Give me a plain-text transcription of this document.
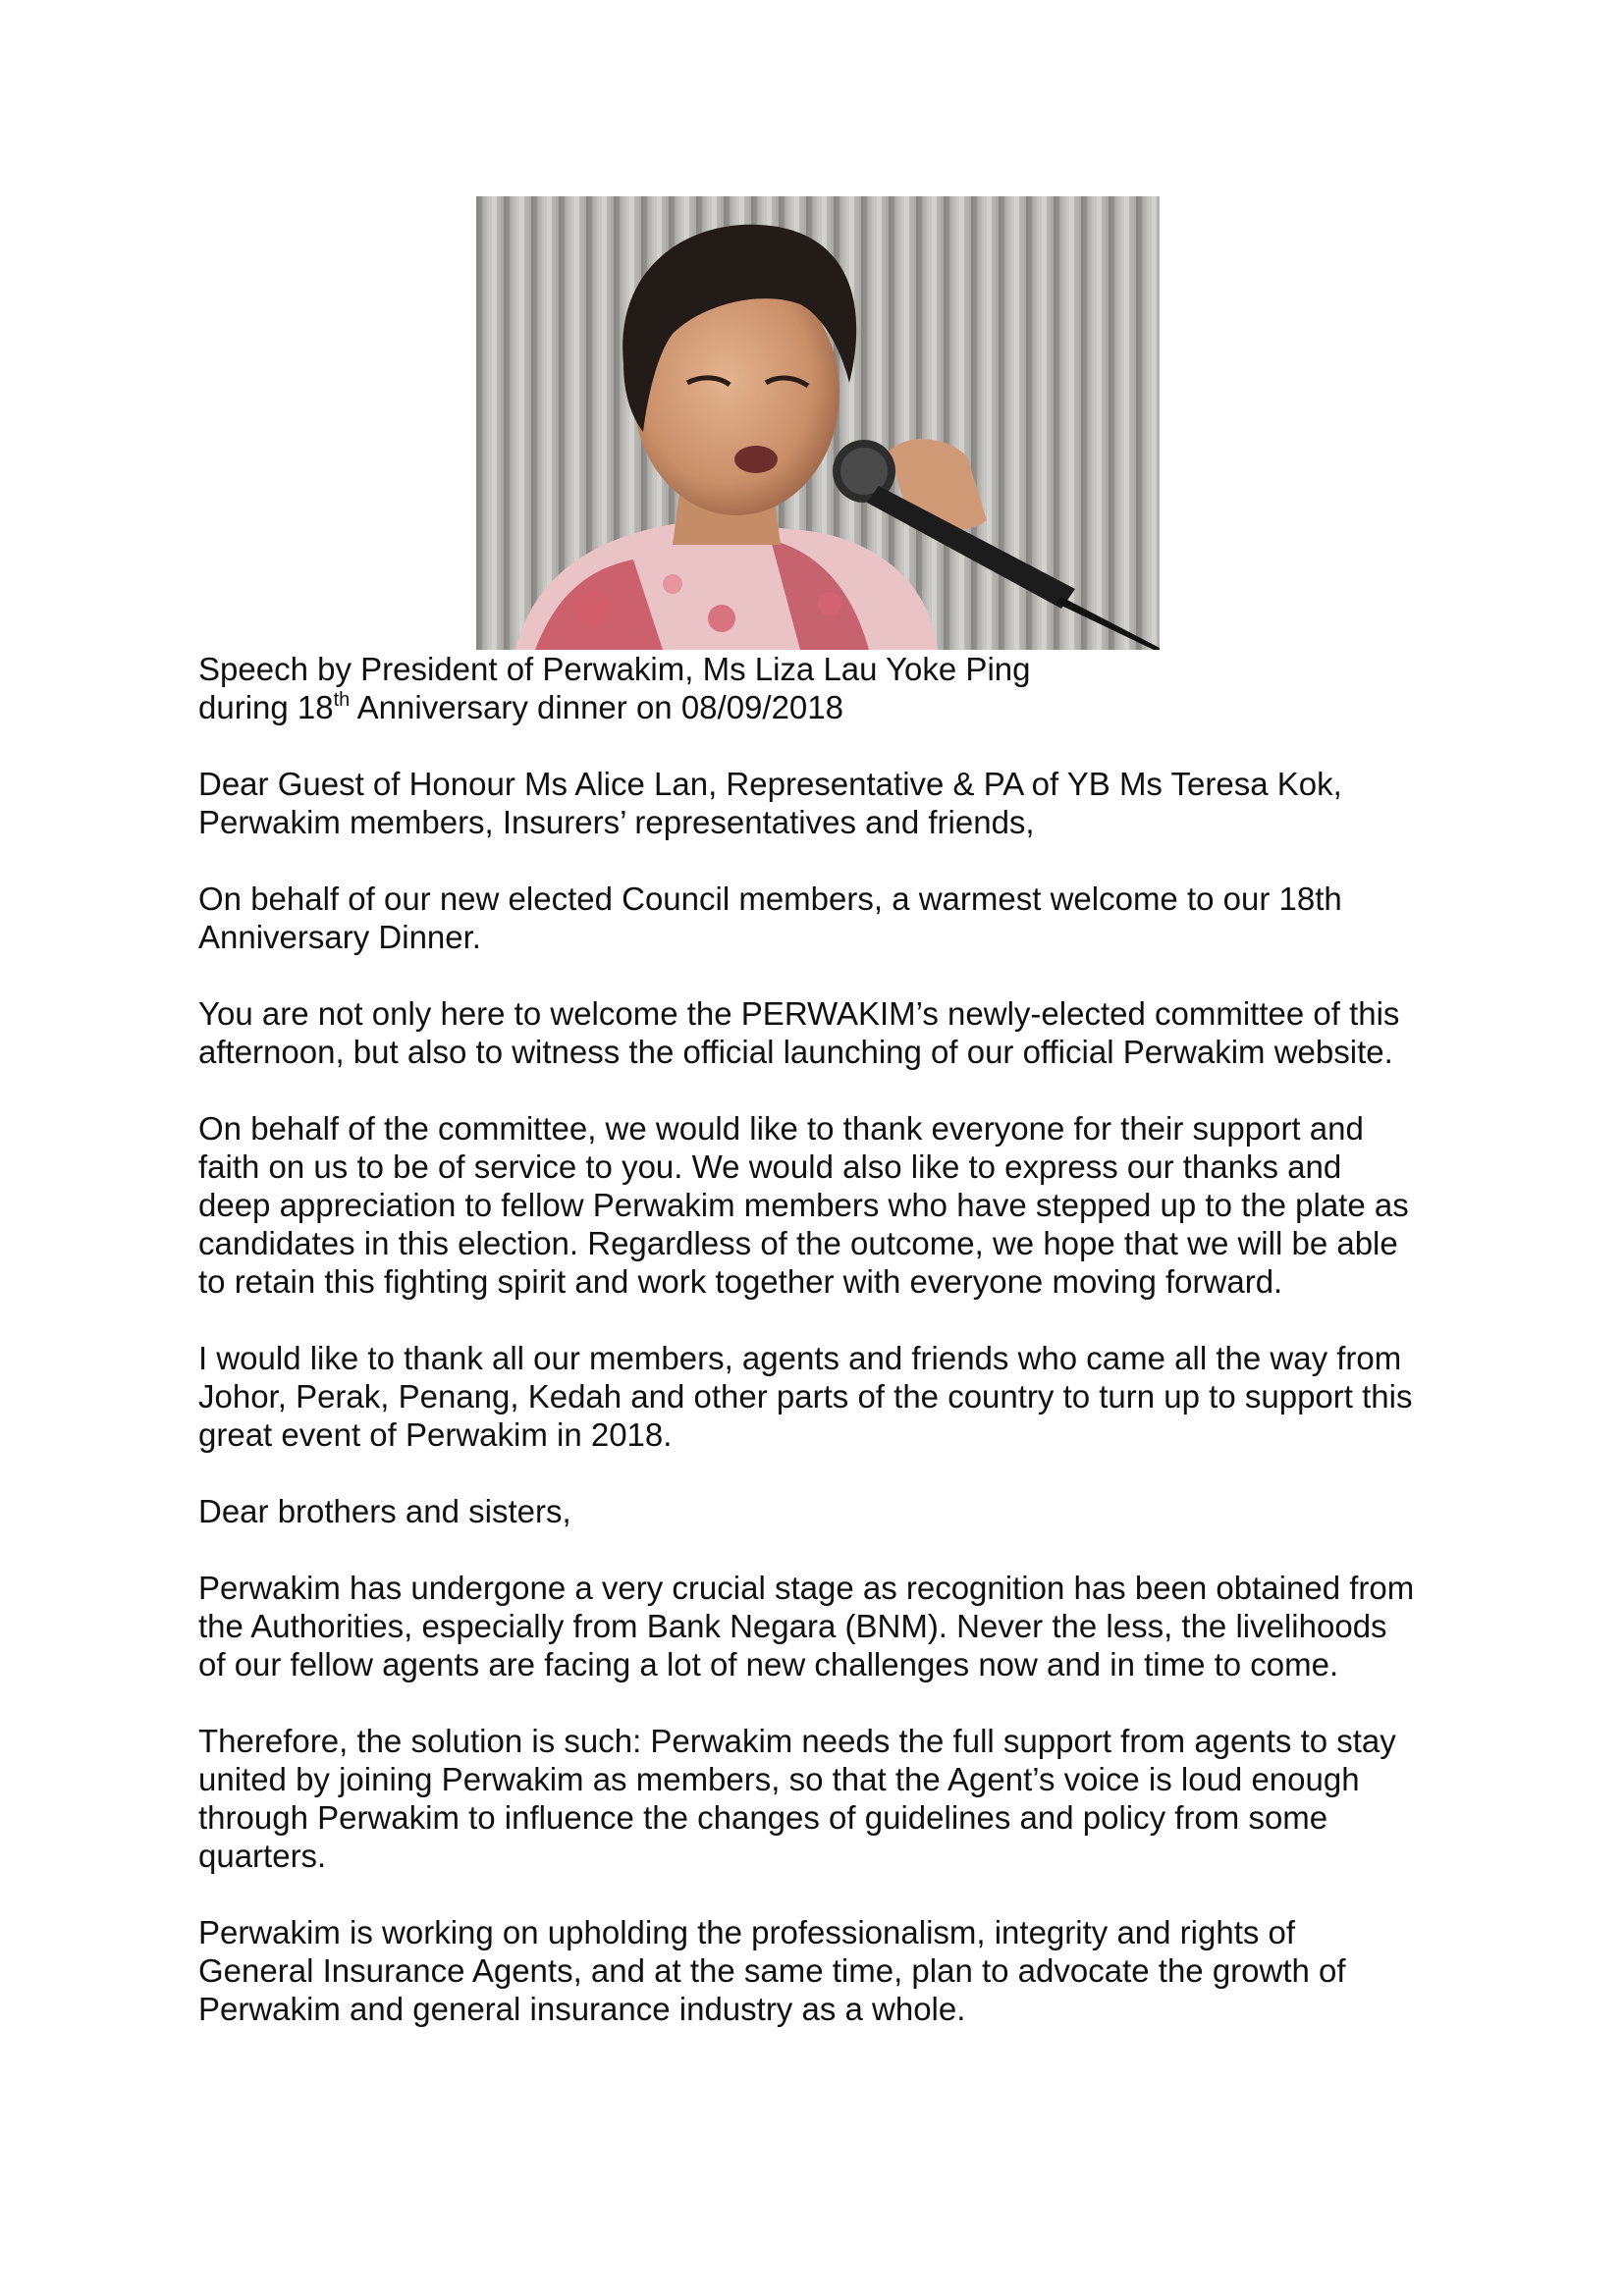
Speech by President of Perwakim, Ms Liza Lau Yoke Ping
during 18th Anniversary dinner on 08/09/2018

Dear Guest of Honour Ms Alice Lan, Representative & PA of YB Ms Teresa Kok,
Perwakim members, Insurers’ representatives and friends,

On behalf of our new elected Council members, a warmest welcome to our 18th
Anniversary Dinner.

You are not only here to welcome the PERWAKIM’s newly-elected committee of this
afternoon, but also to witness the official launching of our official Perwakim website.

On behalf of the committee, we would like to thank everyone for their support and
faith on us to be of service to you. We would also like to express our thanks and
deep appreciation to fellow Perwakim members who have stepped up to the plate as
candidates in this election. Regardless of the outcome, we hope that we will be able
to retain this fighting spirit and work together with everyone moving forward.

I would like to thank all our members, agents and friends who came all the way from
Johor, Perak, Penang, Kedah and other parts of the country to turn up to support this
great event of Perwakim in 2018.

Dear brothers and sisters,

Perwakim has undergone a very crucial stage as recognition has been obtained from
the Authorities, especially from Bank Negara (BNM). Never the less, the livelihoods
of our fellow agents are facing a lot of new challenges now and in time to come.

Therefore, the solution is such: Perwakim needs the full support from agents to stay
united by joining Perwakim as members, so that the Agent’s voice is loud enough
through Perwakim to influence the changes of guidelines and policy from some
quarters.

Perwakim is working on upholding the professionalism, integrity and rights of
General Insurance Agents, and at the same time, plan to advocate the growth of
Perwakim and general insurance industry as a whole.
